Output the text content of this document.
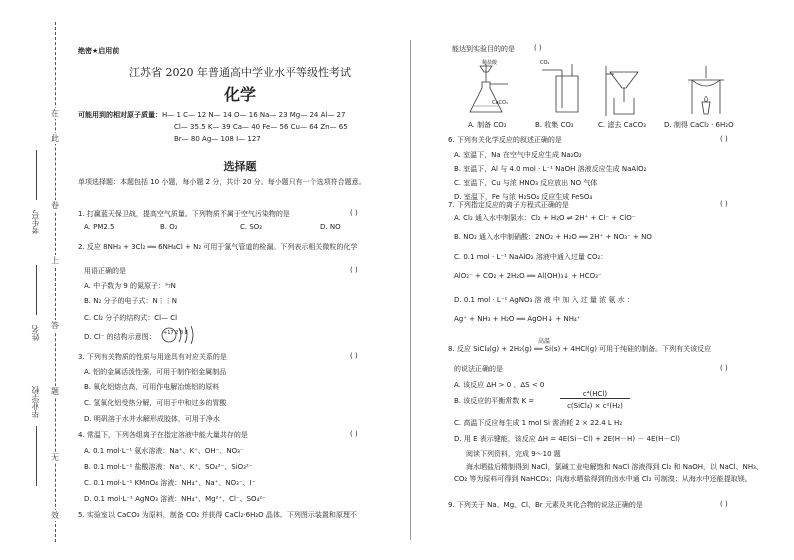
在
此
卷
上
答
题
无
效
考生号
姓名
毕业学校
绝密★启用前
江苏省 2020 年普通高中学业水平等级性考试
化学
可能用到的相对原子质量：H— 1 C— 12 N— 14 O— 16 Na— 23 Mg— 24 Al— 27
Cl— 35.5 K— 39 Ca— 40 Fe— 56 Cu— 64 Zn— 65
Br— 80 Ag— 108 I— 127
选择题
单项选择题：本题包括 10 小题，每小题 2 分，共计 20 分。每小题只有一个选项符合题意。
1. 打赢蓝天保卫战，提高空气质量。下列物质不属于空气污染物的是	( )
A. PM2.5	B. O₂	C. SO₂	D. NO
2. 反应 8NH₃ + 3Cl₂ ══ 6NH₄Cl + N₂ 可用于氯气管道的检漏。下列表示相关微粒的化学
用语正确的是	( )
A. 中子数为 9 的氮原子：⁹₇N
B. N₂ 分子的电子式：N⋮⋮N
C. Cl₂ 分子的结构式：Cl— Cl
D. Cl⁻ 的结构示意图： +17 2 8 8
3. 下列有关物质的性质与用途具有对应关系的是	( )
A. 铝的金属活泼性强，可用于制作铝金属制品
B. 氧化铝熔点高，可用作电解冶炼铝的原料
C. 氢氧化铝受热分解，可用于中和过多的胃酸
D. 明矾溶于水并水解形成胶体，可用于净水
4. 常温下，下列各组离子在指定溶液中能大量共存的是	( )
A. 0.1 mol·L⁻¹ 氨水溶液：Na⁺、K⁺、OH⁻、NO₃⁻
B. 0.1 mol·L⁻¹ 盐酸溶液：Na⁺、K⁺、SO₄²⁻、SiO₃²⁻
C. 0.1 mol·L⁻¹ KMnO₄ 溶液：NH₄⁺、Na⁺、NO₃⁻、I⁻
D. 0.1 mol·L⁻¹ AgNO₃ 溶液：NH₄⁺、Mg²⁺、Cl⁻、SO₄²⁻
5. 实验室以 CaCO₃ 为原料，制备 CO₂ 并获得 CaCl₂·6H₂O 晶体。下列图示装置和原理不
能达到实验目的的是	( )
稀盐酸
CaCO₃
CO₂
A. 制备 CO₂	B. 收集 CO₂	C. 滤去 CaCO₃	D. 制得 CaCl₂ · 6H₂O
6. 下列有关化学反应的叙述正确的是	( )
A. 室温下，Na 在空气中反应生成 Na₂O₂
B. 室温下，Al 与 4.0 mol · L⁻¹ NaOH 溶液反应生成 NaAlO₂
C. 室温下，Cu 与浓 HNO₃ 反应放出 NO 气体
D. 室温下，Fe 与浓 H₂SO₄ 反应生成 FeSO₄
7. 下列指定反应的离子方程式正确的是	( )
A. Cl₂ 通入水中制氯水：Cl₂ + H₂O ⇌ 2H⁺ + Cl⁻ + ClO⁻
B. NO₂ 通入水中制硝酸：2NO₂ + H₂O ══ 2H⁺ + NO₃⁻ + NO
C. 0.1 mol · L⁻¹ NaAlO₂ 溶液中通入过量 CO₂：
AlO₂⁻ + CO₂ + 2H₂O ══ Al(OH)₃↓ + HCO₃⁻
D. 0.1 mol · L⁻¹ AgNO₃ 溶 液 中 加 入 过 量 浓 氨 水 ：
Ag⁺ + NH₃ + H₂O ══ AgOH↓ + NH₄⁺
高温
8. 反应 SiCl₄(g) + 2H₂(g) ══ Si(s) + 4HCl(g) 可用于纯硅的制备。下列有关该反应
的说法正确的是	( )
A. 该反应 ΔH > 0 、ΔS < 0
B. 该反应的平衡常数 K =
c⁴(HCl)
c(SiCl₄) × c²(H₂)
C. 高温下反应每生成 1 mol Si 需消耗 2 × 22.4 L H₂
D. 用 E 表示键能，该反应 ΔH = 4E(Si－Cl) + 2E(H－H) － 4E(H－Cl)
阅读下列资料，完成 9～10 题
海水晒盐后精制得到 NaCl，氯碱工业电解饱和 NaCl 溶液得到 Cl₂ 和 NaOH，以 NaCl、NH₃、CO₂ 等为原料可得到 NaHCO₃；向海水晒盐得到的卤水中通 Cl₂ 可制溴；从海水中还能提取镁。
9. 下列关于 Na、Mg、Cl、Br 元素及其化合物的说法正确的是	( )
